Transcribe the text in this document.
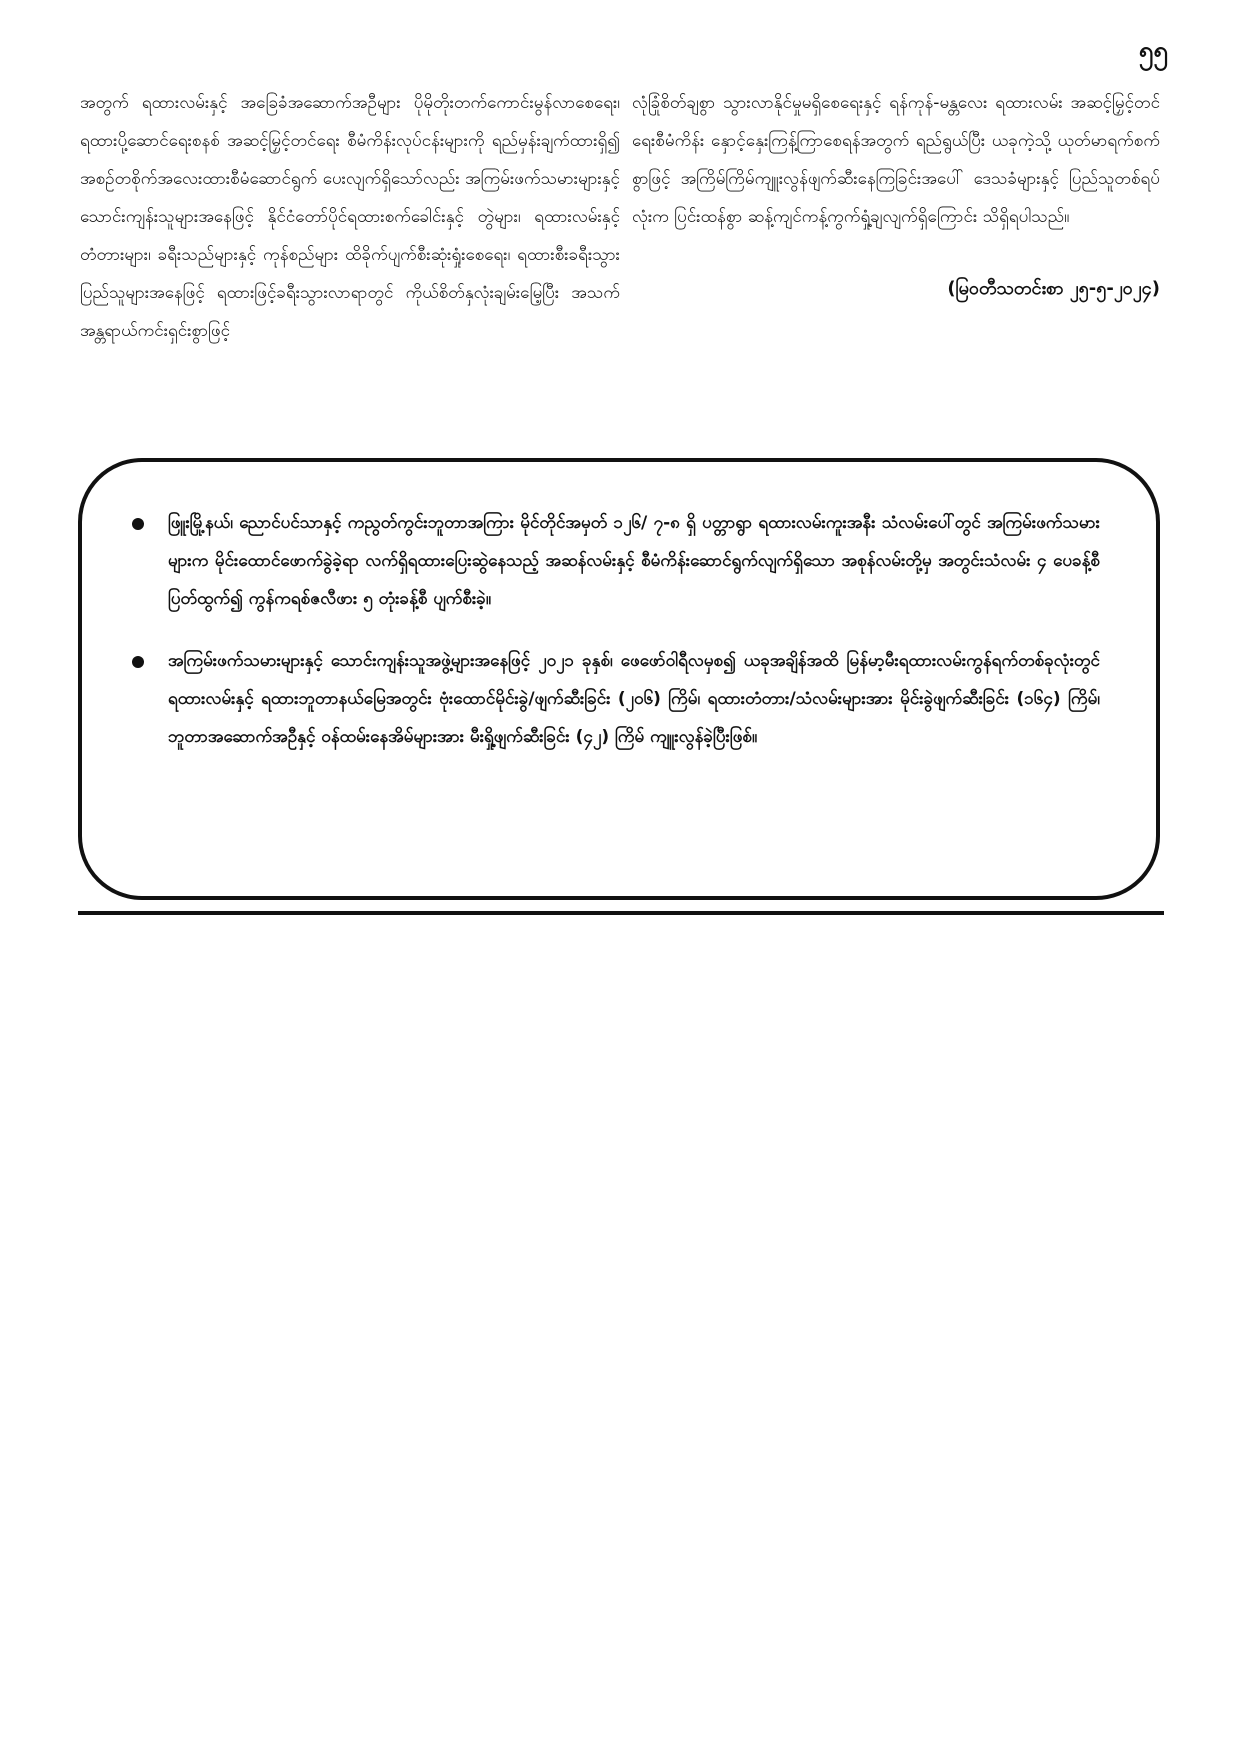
၅၅

အတွက် ရထားလမ်းနှင့် အခြေခံအဆောက်အဦများ ပိုမိုတိုးတက်ကောင်းမွန်လာစေရေး၊ ရထားပို့ဆောင်ရေးစနစ် အဆင့်မြှင့်တင်ရေး စီမံကိန်းလုပ်ငန်းများကို ရည်မှန်းချက်ထားရှိ၍ အစဉ်တစိုက်အလေးထားစီမံဆောင်ရွက် ပေးလျက်ရှိသော်လည်း အကြမ်းဖက်သမားများနှင့် သောင်းကျန်းသူများအနေဖြင့် နိုင်ငံတော်ပိုင်ရထားစက်ခေါင်းနှင့် တွဲများ၊ ရထားလမ်းနှင့် တံတားများ၊ ခရီးသည်များနှင့် ကုန်စည်များ ထိခိုက်ပျက်စီးဆုံးရှုံးစေရေး၊ ရထားစီးခရီးသွားပြည်သူများအနေဖြင့် ရထားဖြင့်ခရီးသွားလာရာတွင် ကိုယ်စိတ်နှလုံးချမ်းမြေ့ပြီး အသက်အန္တရာယ်ကင်းရှင်းစွာဖြင့်

လုံခြုံစိတ်ချစွာ သွားလာနိုင်မှုမရှိစေရေးနှင့် ရန်ကုန်-မန္တလေး ရထားလမ်း အဆင့်မြှင့်တင်ရေးစီမံကိန်း နှောင့်နှေးကြန့်ကြာစေရန်အတွက် ရည်ရွယ်ပြီး ယခုကဲ့သို့ ယုတ်မာရက်စက်စွာဖြင့် အကြိမ်ကြိမ်ကျူးလွန်ဖျက်ဆီးနေကြခြင်းအပေါ် ဒေသခံများနှင့် ပြည်သူတစ်ရပ်လုံးက ပြင်းထန်စွာ ဆန့်ကျင်ကန့်ကွက်ရှုံ့ချလျက်ရှိကြောင်း သိရှိရပါသည်။

(မြဝတီသတင်းစာ ၂၅-၅-၂၀၂၄)

ဖြူးမြို့နယ်၊ ညောင်ပင်သာနှင့် ကညွတ်ကွင်းဘူတာအကြား မိုင်တိုင်အမှတ် ၁၂၆/ ၇-၈ ရှိ ပတ္တာရွာ ရထားလမ်းကူးအနီး သံလမ်းပေါ်တွင် အကြမ်းဖက်သမားများက မိုင်းထောင်ဖောက်ခွဲခဲ့ရာ လက်ရှိရထားပြေးဆွဲနေသည့် အဆန်လမ်းနှင့် စီမံကိန်းဆောင်ရွက်လျက်ရှိသော အစုန်လမ်းတို့မှ အတွင်းသံလမ်း ၄ ပေခန့်စီ ပြတ်ထွက်၍ ကွန်ကရစ်ဇလီဖား ၅ တုံးခန့်စီ ပျက်စီးခဲ့။
အကြမ်းဖက်သမားများနှင့် သောင်းကျန်းသူအဖွဲ့များအနေဖြင့် ၂၀၂၁ ခုနှစ်၊ ဖေဖော်ဝါရီလမှစ၍ ယခုအချိန်အထိ မြန်မာ့မီးရထားလမ်းကွန်ရက်တစ်ခုလုံးတွင် ရထားလမ်းနှင့် ရထားဘူတာနယ်မြေအတွင်း ဗုံးထောင်မိုင်းခွဲ/ဖျက်ဆီးခြင်း (၂၀၆) ကြိမ်၊ ရထားတံတား/သံလမ်းများအား မိုင်းခွဲဖျက်ဆီးခြင်း (၁၆၄) ကြိမ်၊ ဘူတာအဆောက်အဦနှင့် ဝန်ထမ်းနေအိမ်များအား မီးရှို့ဖျက်ဆီးခြင်း (၄၂) ကြိမ် ကျူးလွန်ခဲ့ပြီးဖြစ်။
